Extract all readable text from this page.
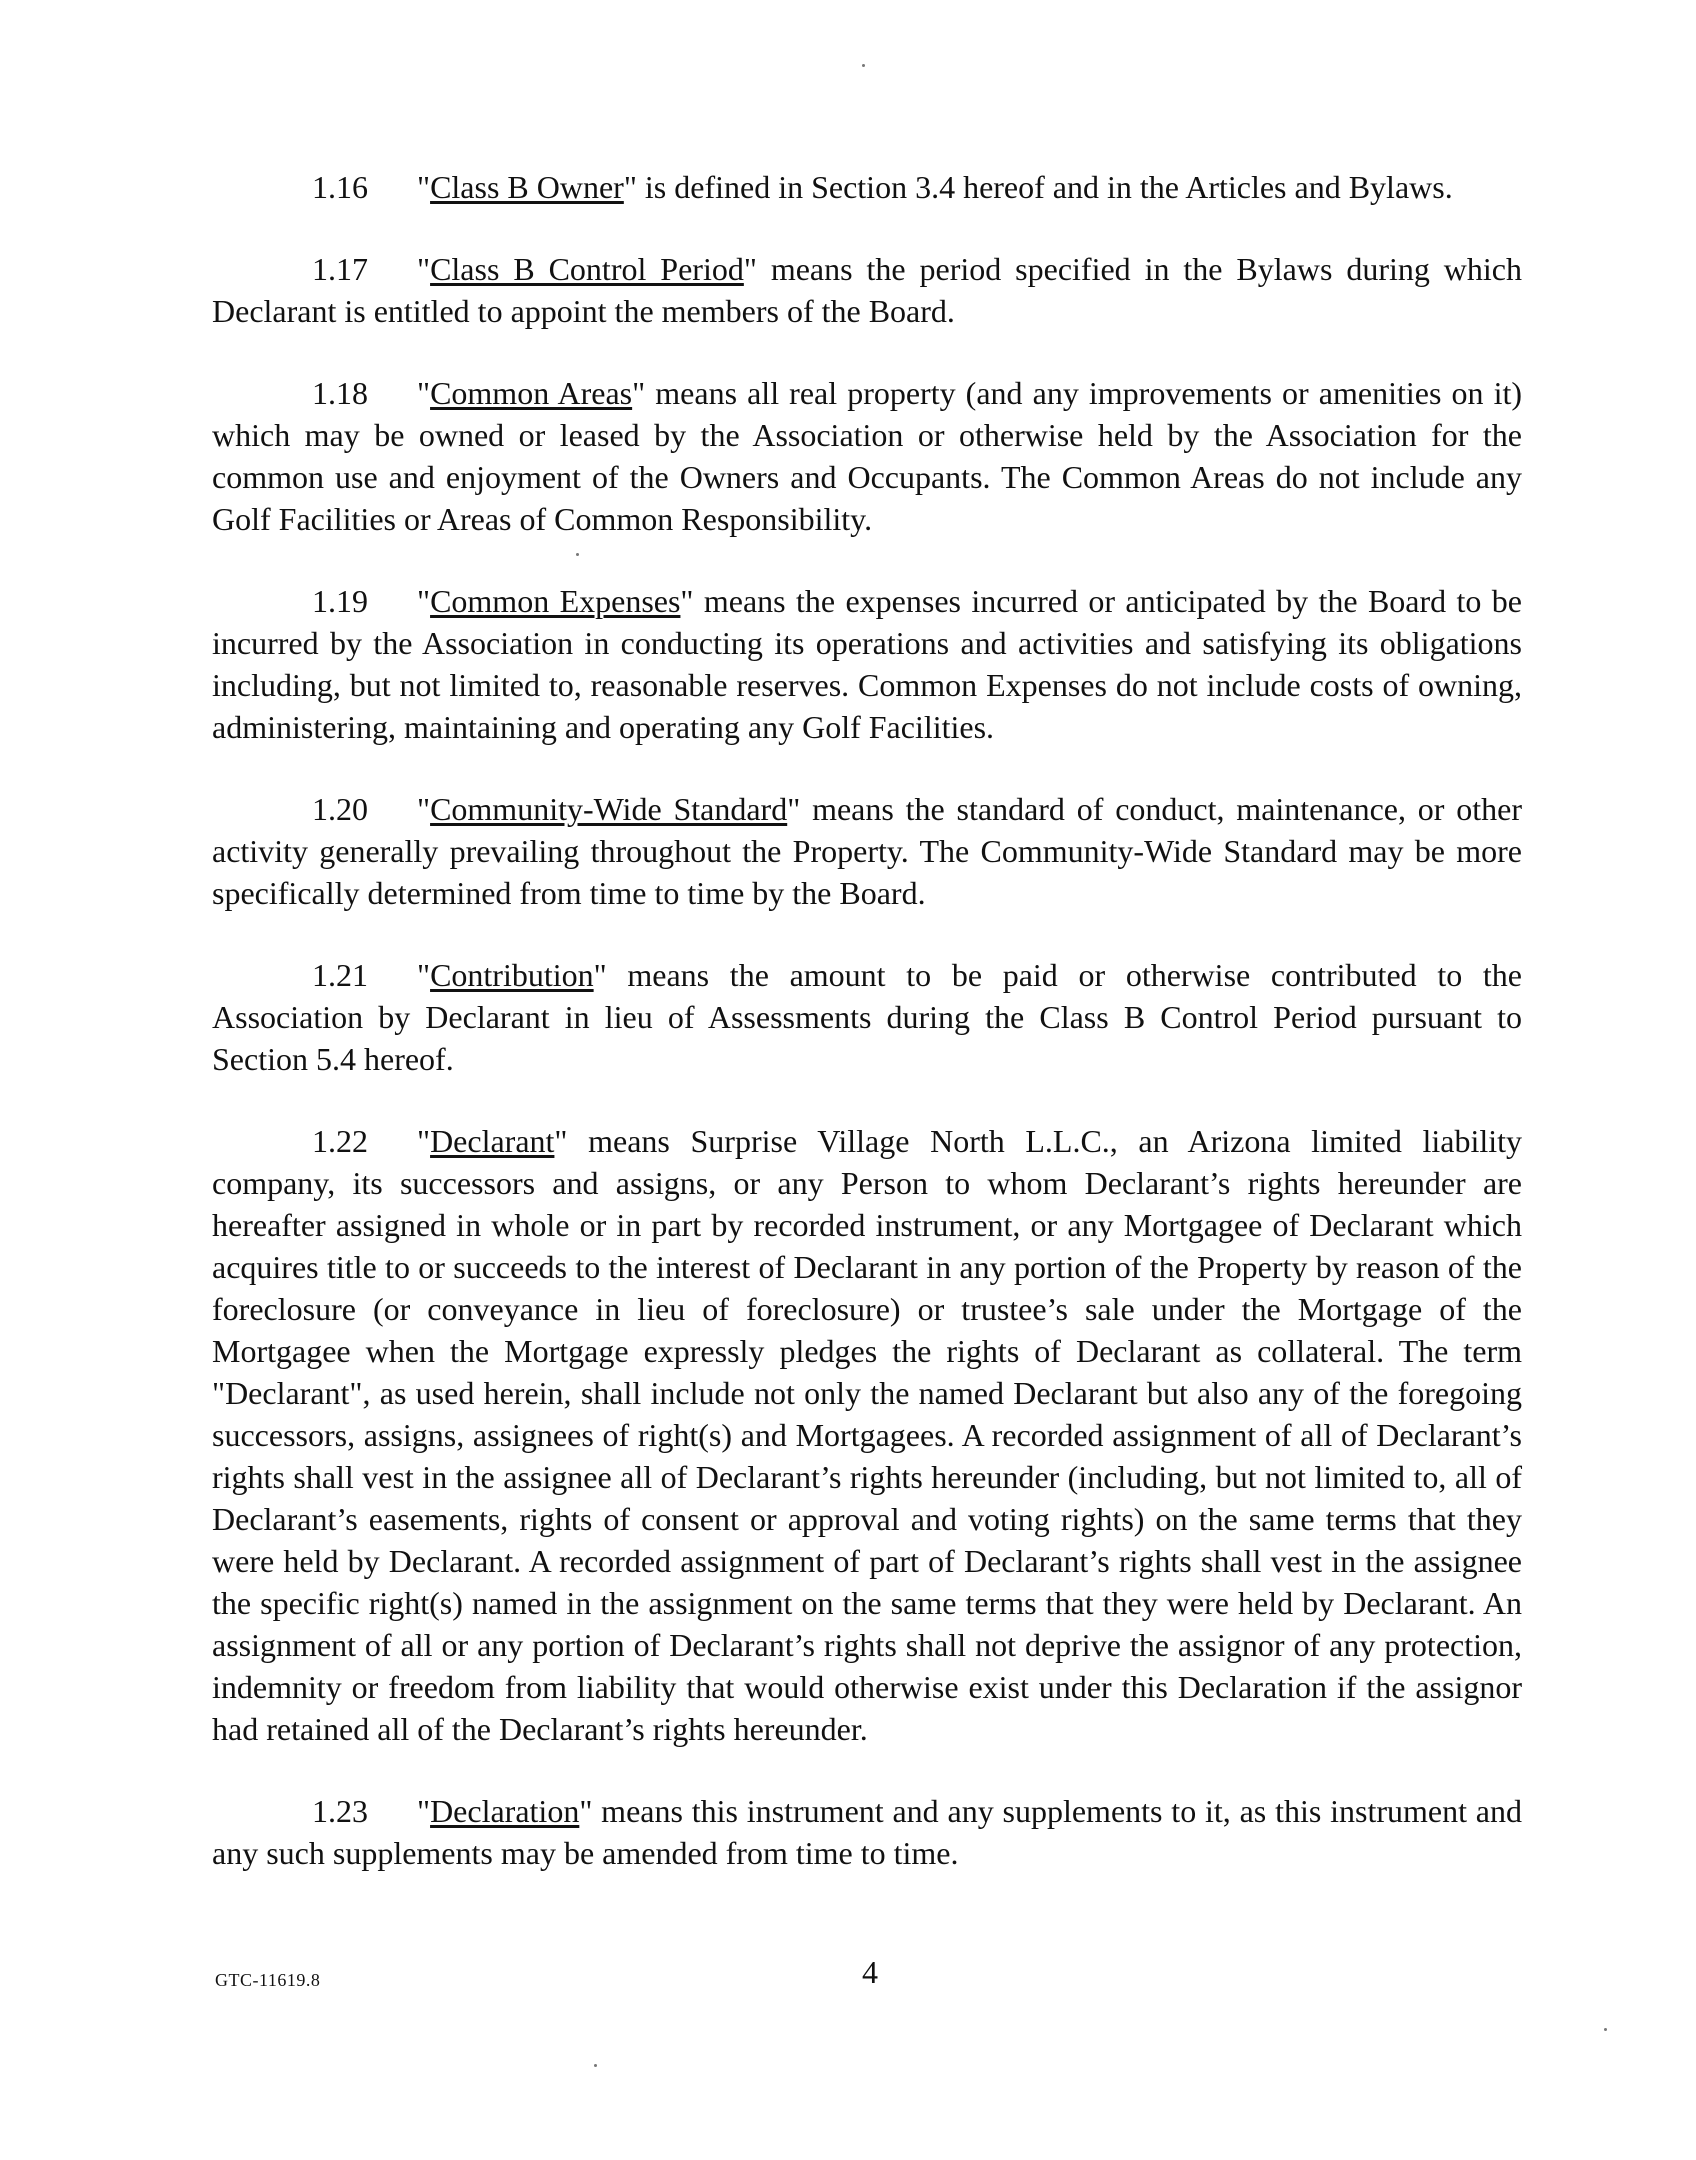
1.16 "Class B Owner" is defined in Section 3.4 hereof and in the Articles and Bylaws.

1.17 "Class B Control Period" means the period specified in the Bylaws during which Declarant is entitled to appoint the members of the Board.

1.18 "Common Areas" means all real property (and any improvements or amenities on it) which may be owned or leased by the Association or otherwise held by the Association for the common use and enjoyment of the Owners and Occupants. The Common Areas do not include any Golf Facilities or Areas of Common Responsibility.

1.19 "Common Expenses" means the expenses incurred or anticipated by the Board to be incurred by the Association in conducting its operations and activities and satisfying its obligations including, but not limited to, reasonable reserves. Common Expenses do not include costs of owning, administering, maintaining and operating any Golf Facilities.

1.20 "Community-Wide Standard" means the standard of conduct, maintenance, or other activity generally prevailing throughout the Property. The Community-Wide Standard may be more specifically determined from time to time by the Board.

1.21 "Contribution" means the amount to be paid or otherwise contributed to the Association by Declarant in lieu of Assessments during the Class B Control Period pursuant to Section 5.4 hereof.

1.22 "Declarant" means Surprise Village North L.L.C., an Arizona limited liability company, its successors and assigns, or any Person to whom Declarant’s rights hereunder are hereafter assigned in whole or in part by recorded instrument, or any Mortgagee of Declarant which acquires title to or succeeds to the interest of Declarant in any portion of the Property by reason of the foreclosure (or conveyance in lieu of foreclosure) or trustee’s sale under the Mortgage of the Mortgagee when the Mortgage expressly pledges the rights of Declarant as collateral. The term "Declarant", as used herein, shall include not only the named Declarant but also any of the foregoing successors, assigns, assignees of right(s) and Mortgagees. A recorded assignment of all of Declarant’s rights shall vest in the assignee all of Declarant’s rights hereunder (including, but not limited to, all of Declarant’s easements, rights of consent or approval and voting rights) on the same terms that they were held by Declarant. A recorded assignment of part of Declarant’s rights shall vest in the assignee the specific right(s) named in the assignment on the same terms that they were held by Declarant. An assignment of all or any portion of Declarant’s rights shall not deprive the assignor of any protection, indemnity or freedom from liability that would otherwise exist under this Declaration if the assignor had retained all of the Declarant’s rights hereunder.

1.23 "Declaration" means this instrument and any supplements to it, as this instrument and any such supplements may be amended from time to time.

GTC-11619.8	4
